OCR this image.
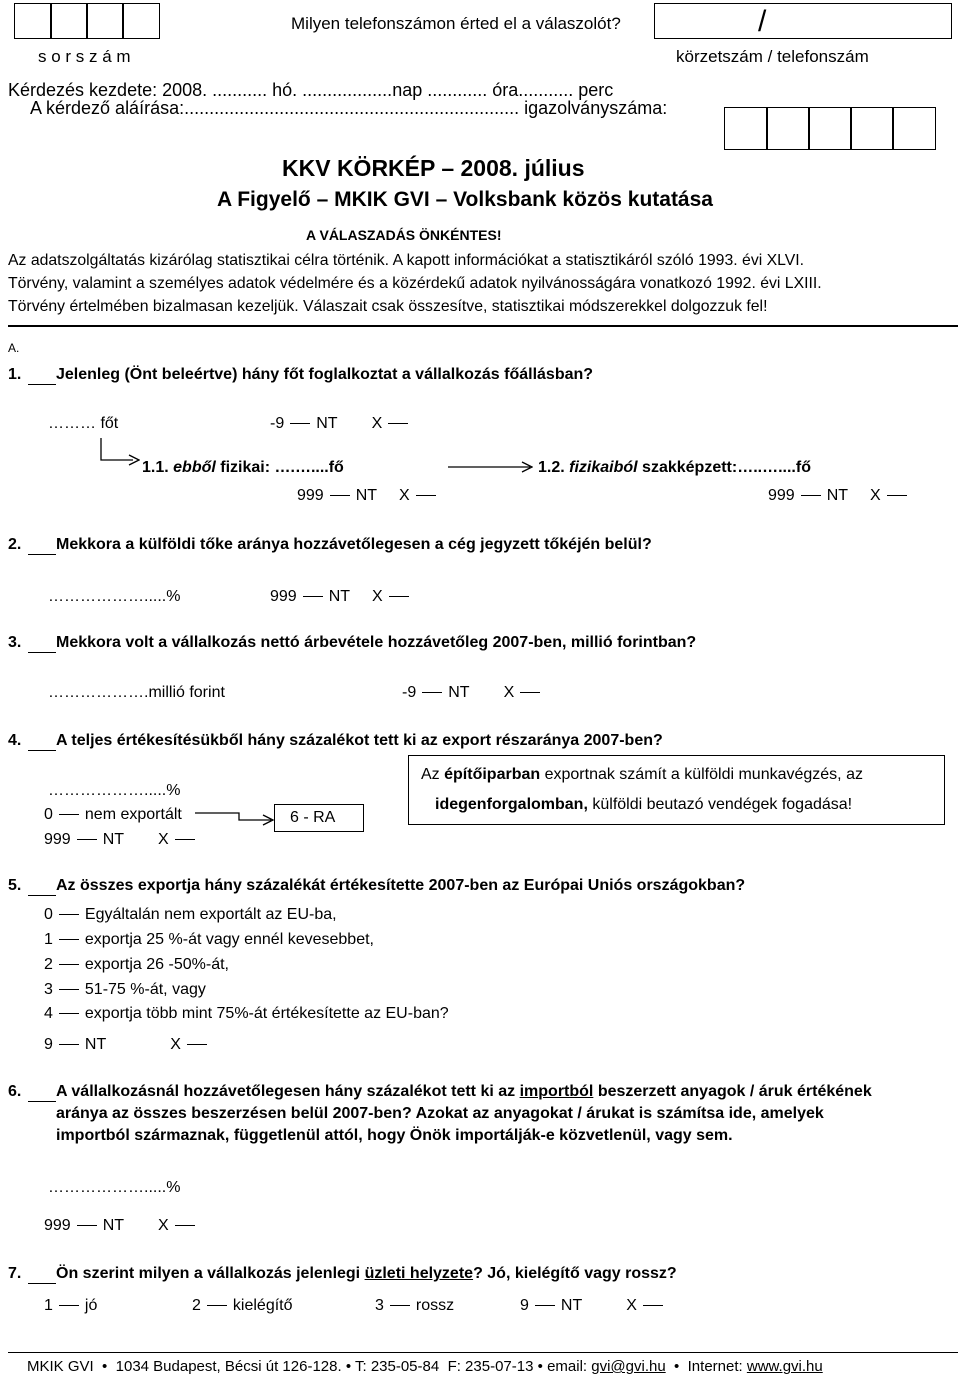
s o r s z á m
Milyen telefonszámon érted el a válaszolót?	/
körzetszám / telefonszám
Kérdezés kezdete: 2008. ........... hó. ..................nap ............ óra........... perc
A kérdező aláírása:................................................................... igazolványszáma:
KKV KÖRKÉP – 2008. július
A Figyelő – MKIK GVI – Volksbank közös kutatása
A VÁLASZADÁS ÖNKÉNTES!
Az adatszolgáltatás kizárólag statisztikai célra történik. A kapott információkat a statisztikáról szóló 1993. évi XLVI.
Törvény, valamint a személyes adatok védelmére és a közérdekű adatok nyilvánosságára vonatkozó 1992. évi LXIII.
Törvény értelmében bizalmasan kezeljük. Válaszait csak összesítve, statisztikai módszerekkel dolgozzuk fel!
A.
1. Jelenleg (Önt beleértve) hány főt foglalkoztat a vállalkozás főállásban?
……… főt	-9 NT X
1.1. ebből fizikai: ….…....fő	1.2. fizikaiból szakképzett:…..…....fő
999 NT X	999 NT X
2. Mekkora a külföldi tőke aránya hozzávetőlegesen a cég jegyzett tőkéjén belül?
……………….....%	999 NT X
3. Mekkora volt a vállalkozás nettó árbevétele hozzávetőleg 2007-ben, millió forintban?
……………….millió forint	-9 NT X
4. A teljes értékesítésükből hány százalékot tett ki az export részaránya 2007-ben?
……………….....%
0 nem exportált	6 - RA
999 NT X
Az építőiparban exportnak számít a külföldi munkavégzés, az
idegenforgalomban, külföldi beutazó vendégek fogadása!
5. Az összes exportja hány százalékát értékesítette 2007-ben az Európai Uniós országokban?
0 Egyáltalán nem exportált az EU-ba,
1 exportja 25 %-át vagy ennél kevesebbet,
2 exportja 26 -50%-át,
3 51-75 %-át, vagy
4 exportja több mint 75%-át értékesítette az EU-ban?
9 NT	X
6. A vállalkozásnál hozzávetőlegesen hány százalékot tett ki az importból beszerzett anyagok / áruk értékének
aránya az összes beszerzésen belül 2007-ben? Azokat az anyagokat / árukat is számítsa ide, amelyek
importból származnak, függetlenül attól, hogy Önök importálják-e közvetlenül, vagy sem.
……………….....%
999 NT X
7. Ön szerint milyen a vállalkozás jelenlegi üzleti helyzete? Jó, kielégítő vagy rossz?
1 jó	2 kielégítő	3 rossz	9 NT	X
MKIK GVI • 1034 Budapest, Bécsi út 126-128. • T: 235-05-84 F: 235-07-13 • email: gvi@gvi.hu • Internet: www.gvi.hu
